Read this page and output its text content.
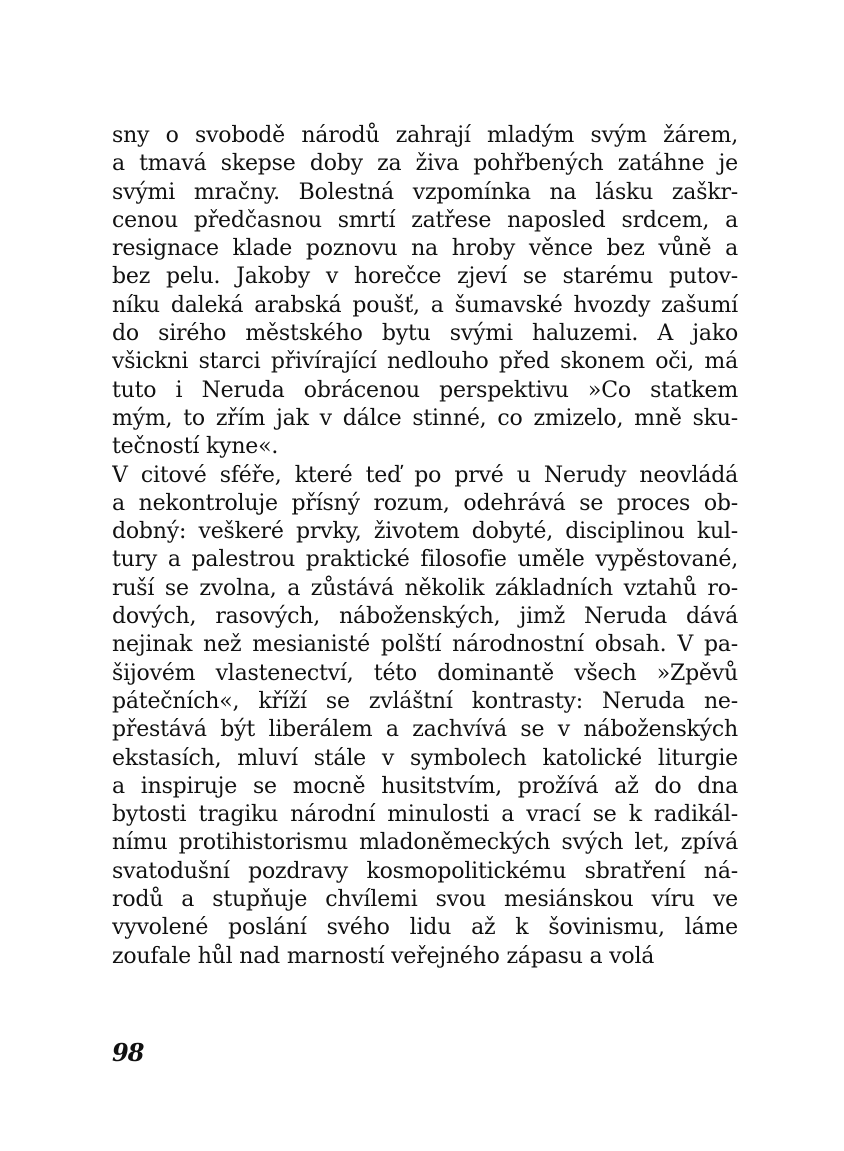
sny o svobodě národů zahrají mladým svým žárem,
a tmavá skepse doby za živa pohřbených zatáhne je
svými mračny. Bolestná vzpomínka na lásku zaškr-
cenou předčasnou smrtí zatřese naposled srdcem, a
resignace klade poznovu na hroby věnce bez vůně a
bez pelu. Jakoby v horečce zjeví se starému putov-
níku daleká arabská poušť, a šumavské hvozdy zašumí
do sirého městského bytu svými haluzemi. A jako
všickni starci přivírající nedlouho před skonem oči, má
tuto i Neruda obrácenou perspektivu »Co statkem
mým, to zřím jak v dálce stinné, co zmizelo, mně sku-
tečností kyne«.
V citové sféře, které teď po prvé u Nerudy neovládá
a nekontroluje přísný rozum, odehrává se proces ob-
dobný: veškeré prvky, životem dobyté, disciplinou kul-
tury a palestrou praktické filosofie uměle vypěstované,
ruší se zvolna, a zůstává několik základních vztahů ro-
dových, rasových, náboženských, jimž Neruda dává
nejinak než mesianisté polští národnostní obsah. V pa-
šijovém vlastenectví, této dominantě všech »Zpěvů
pátečních«, kříží se zvláštní kontrasty: Neruda ne-
přestává být liberálem a zachvívá se v náboženských
ekstasích, mluví stále v symbolech katolické liturgie
a inspiruje se mocně husitstvím, prožívá až do dna
bytosti tragiku národní minulosti a vrací se k radikál-
nímu protihistorismu mladoněmeckých svých let, zpívá
svatodušní pozdravy kosmopolitickému sbratření ná-
rodů a stupňuje chvílemi svou mesiánskou víru ve
vyvolené poslání svého lidu až k šovinismu, láme
zoufale hůl nad marností veřejného zápasu a volá
98
